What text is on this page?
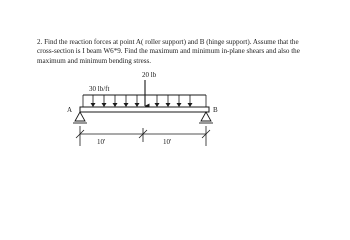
2. Find the reaction forces at point A( roller support) and B (hinge support). Assume that the cross-section is I beam W6*9. Find the maximum and minimum in-plane shears and also the maximum and minimum bending stress.

20 lb
30 lb/ft
A	B
10'	10'
